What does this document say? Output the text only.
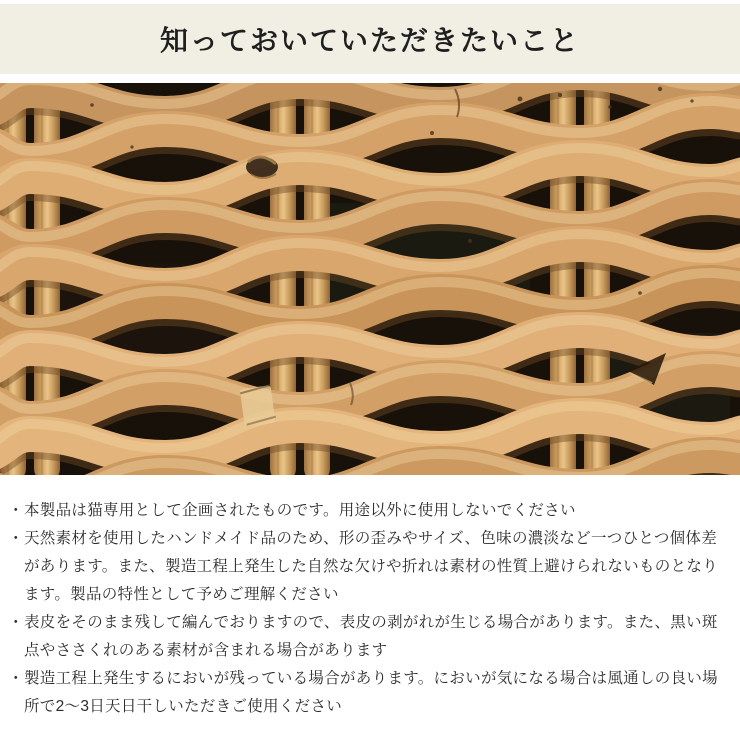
知っておいていただきたいこと

・ 本製品は猫専用として企画されたものです。用途以外に使用しないでください

・ 天然素材を使用したハンドメイド品のため、形の歪みやサイズ、色味の濃淡など一つひとつ個体差があります。また、製造工程上発生した自然な欠けや折れは素材の性質上避けられないものとなります。製品の特性として予めご理解ください

・ 表皮をそのまま残して編んでおりますので、表皮の剥がれが生じる場合があります。また、黒い斑点やささくれのある素材が含まれる場合があります

・ 製造工程上発生するにおいが残っている場合があります。においが気になる場合は風通しの良い場所で2〜3日天日干しいただきご使用ください
